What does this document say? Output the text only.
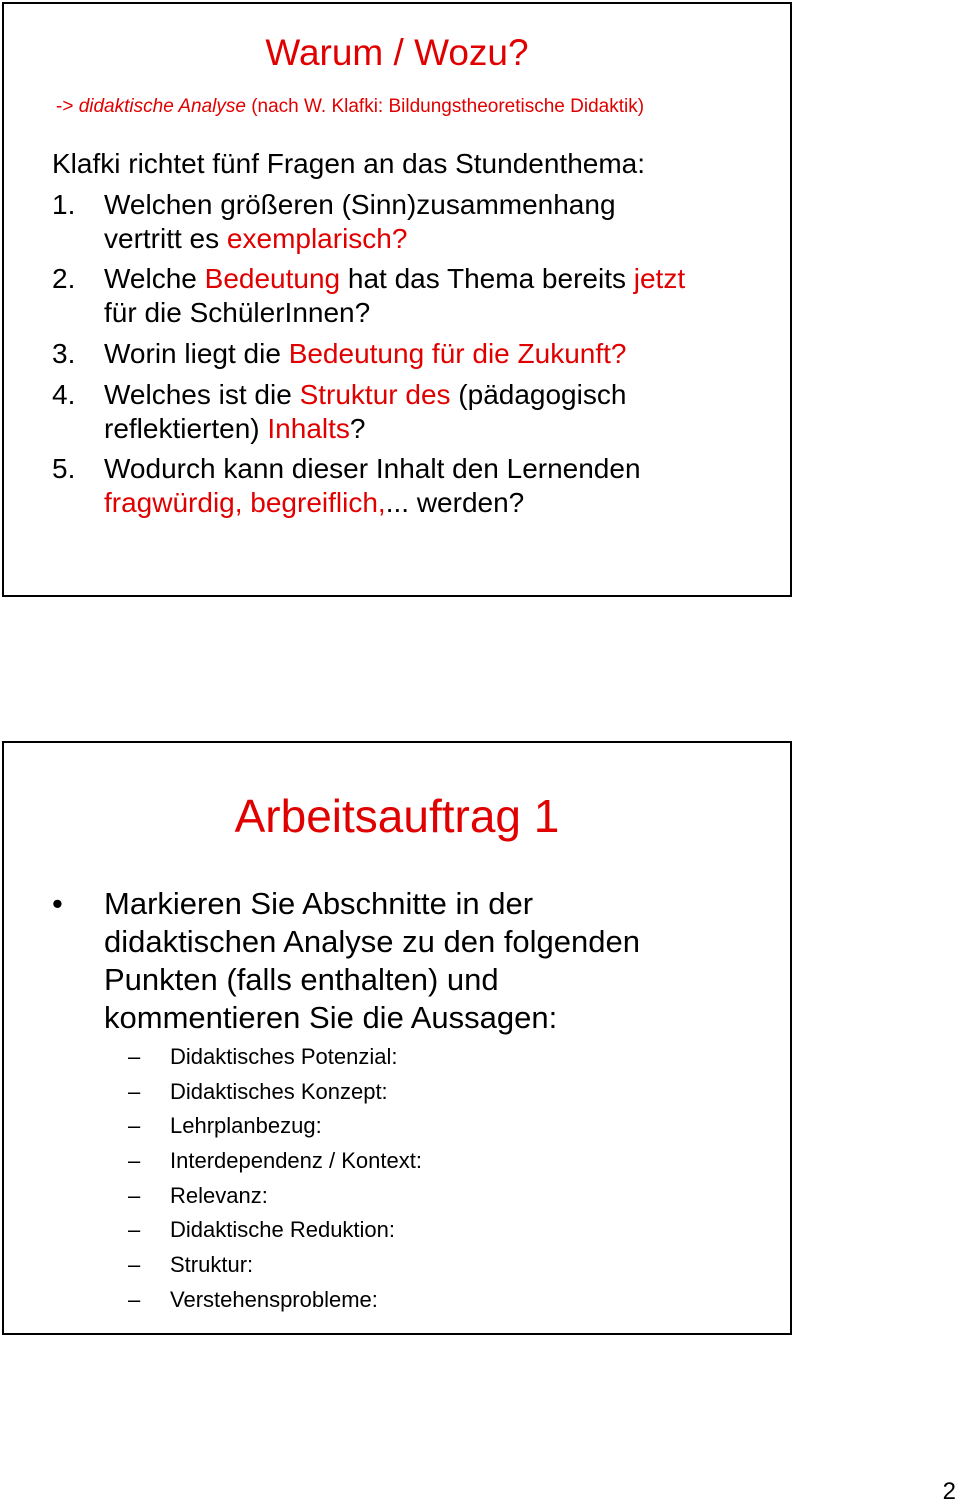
Warum / Wozu?
-> didaktische Analyse (nach W. Klafki: Bildungstheoretische Didaktik)
Klafki richtet fünf Fragen an das Stundenthema:
1.	Welchen größeren (Sinn)zusammenhang
vertritt es exemplarisch?
2.	Welche Bedeutung hat das Thema bereits jetzt
für die SchülerInnen?
3.	Worin liegt die Bedeutung für die Zukunft?
4.	Welches ist die Struktur des (pädagogisch
reflektierten) Inhalts?
5.	Wodurch kann dieser Inhalt den Lernenden
fragwürdig, begreiflich,... werden?
Arbeitsauftrag 1
• Markieren Sie Abschnitte in der
didaktischen Analyse zu den folgenden
Punkten (falls enthalten) und
kommentieren Sie die Aussagen:
– Didaktisches Potenzial:
– Didaktisches Konzept:
– Lehrplanbezug:
– Interdependenz / Kontext:
– Relevanz:
– Didaktische Reduktion:
– Struktur:
– Verstehensprobleme:
2
